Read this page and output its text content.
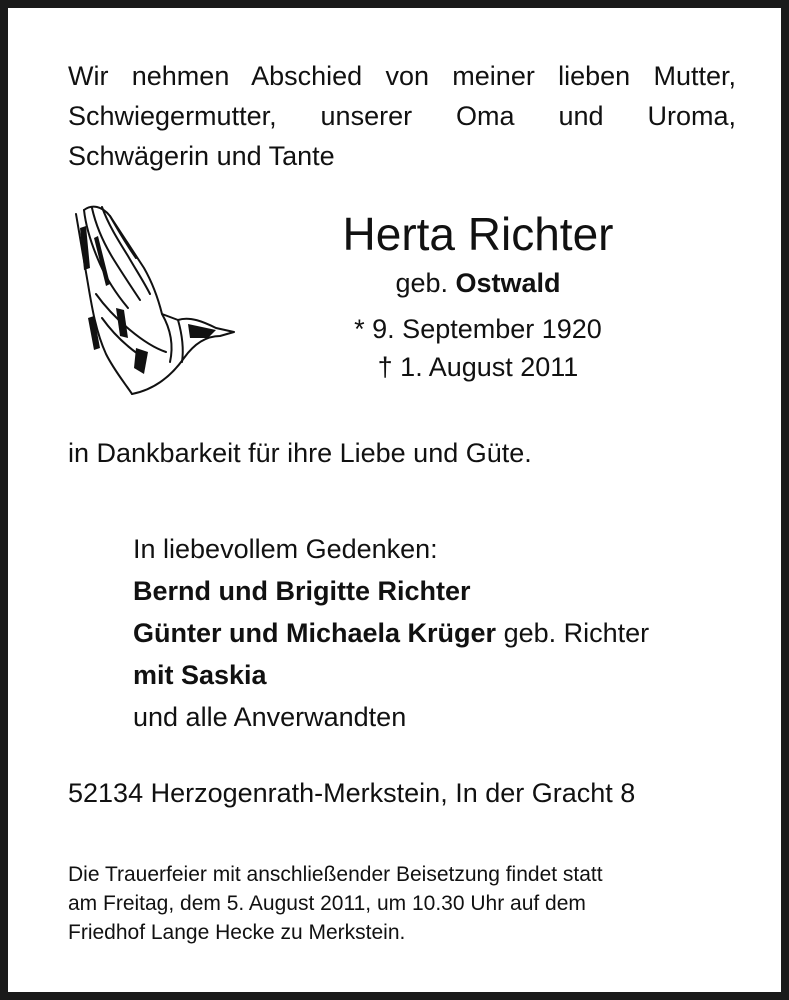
Wir nehmen Abschied von meiner lieben Mutter,
Schwiegermutter, unserer Oma und Uroma,
Schwägerin und Tante
Herta Richter
geb. Ostwald
* 9. September 1920
† 1. August 2011
in Dankbarkeit für ihre Liebe und Güte.
In liebevollem Gedenken:
Bernd und Brigitte Richter
Günter und Michaela Krüger geb. Richter
mit Saskia
und alle Anverwandten
52134 Herzogenrath-Merkstein, In der Gracht 8
Die Trauerfeier mit anschließender Beisetzung findet statt
am Freitag, dem 5. August 2011, um 10.30 Uhr auf dem
Friedhof Lange Hecke zu Merkstein.
